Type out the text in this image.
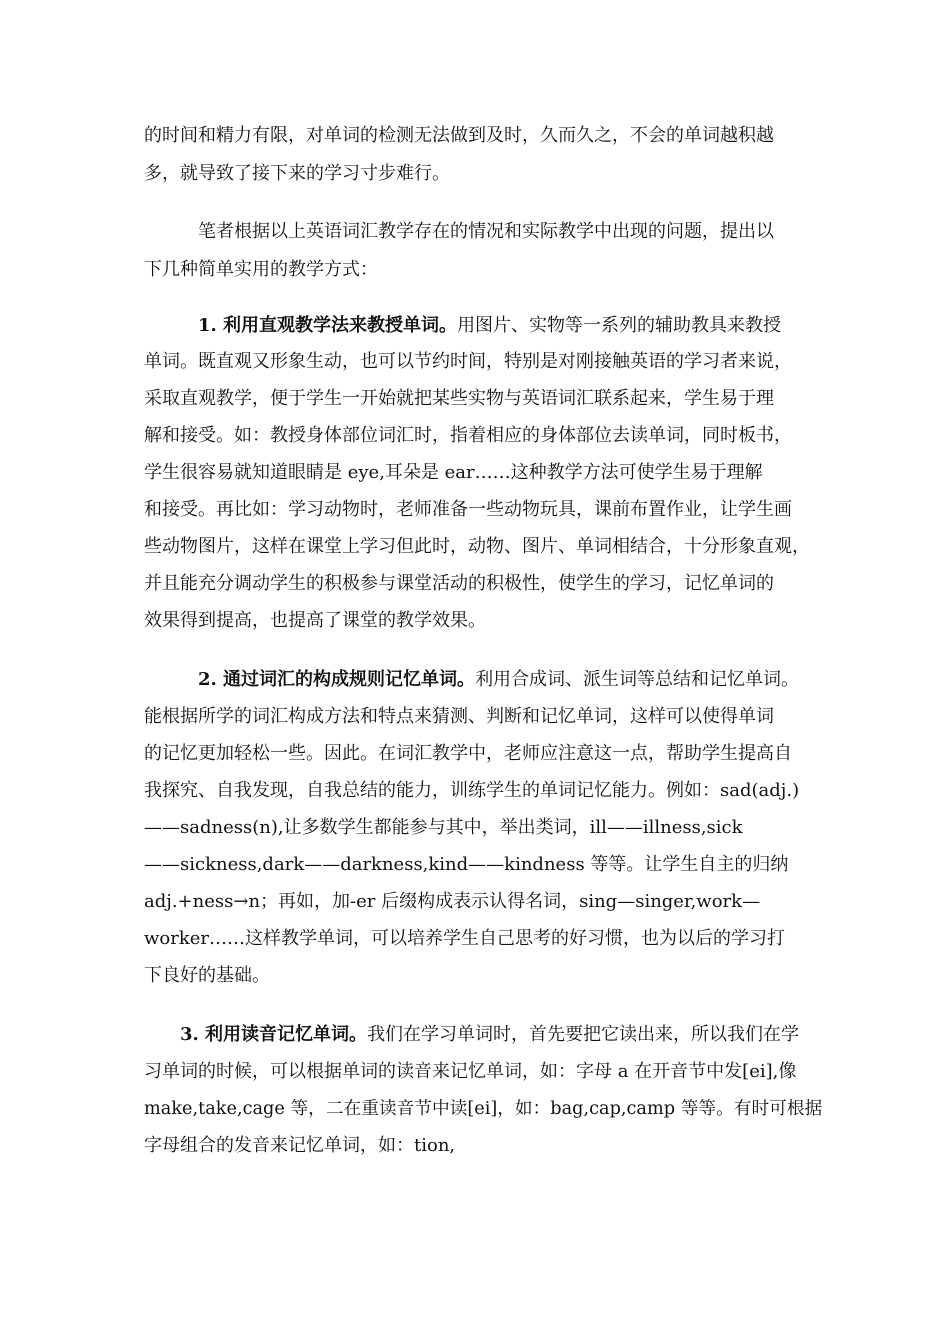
的时间和精力有限，对单词的检测无法做到及时，久而久之，不会的单词越积越
多，就导致了接下来的学习寸步难行。
笔者根据以上英语词汇教学存在的情况和实际教学中出现的问题，提出以
下几种简单实用的教学方式：
1. 利用直观教学法来教授单词。用图片、实物等一系列的辅助教具来教授
单词。既直观又形象生动，也可以节约时间，特别是对刚接触英语的学习者来说，
采取直观教学，便于学生一开始就把某些实物与英语词汇联系起来，学生易于理
解和接受。如：教授身体部位词汇时，指着相应的身体部位去读单词，同时板书，
学生很容易就知道眼睛是 eye,耳朵是 ear……这种教学方法可使学生易于理解
和接受。再比如：学习动物时，老师准备一些动物玩具，课前布置作业，让学生画
些动物图片，这样在课堂上学习但此时，动物、图片、单词相结合，十分形象直观，
并且能充分调动学生的积极参与课堂活动的积极性，使学生的学习，记忆单词的
效果得到提高，也提高了课堂的教学效果。
2. 通过词汇的构成规则记忆单词。利用合成词、派生词等总结和记忆单词。
能根据所学的词汇构成方法和特点来猜测、判断和记忆单词，这样可以使得单词
的记忆更加轻松一些。因此。在词汇教学中，老师应注意这一点，帮助学生提高自
我探究、自我发现，自我总结的能力，训练学生的单词记忆能力。例如：sad(adj.)
——sadness(n),让多数学生都能参与其中，举出类词，ill——illness,sick
——sickness,dark——darkness,kind——kindness 等等。让学生自主的归纳
adj.+ness→n；再如，加-er 后缀构成表示认得名词，sing—singer,work—
worker……这样教学单词，可以培养学生自己思考的好习惯，也为以后的学习打
下良好的基础。
3. 利用读音记忆单词。我们在学习单词时，首先要把它读出来，所以我们在学
习单词的时候，可以根据单词的读音来记忆单词，如：字母 a 在开音节中发[ei],像
make,take,cage 等，二在重读音节中读[ei]，如：bag,cap,camp 等等。有时可根据
字母组合的发音来记忆单词，如：tion,
